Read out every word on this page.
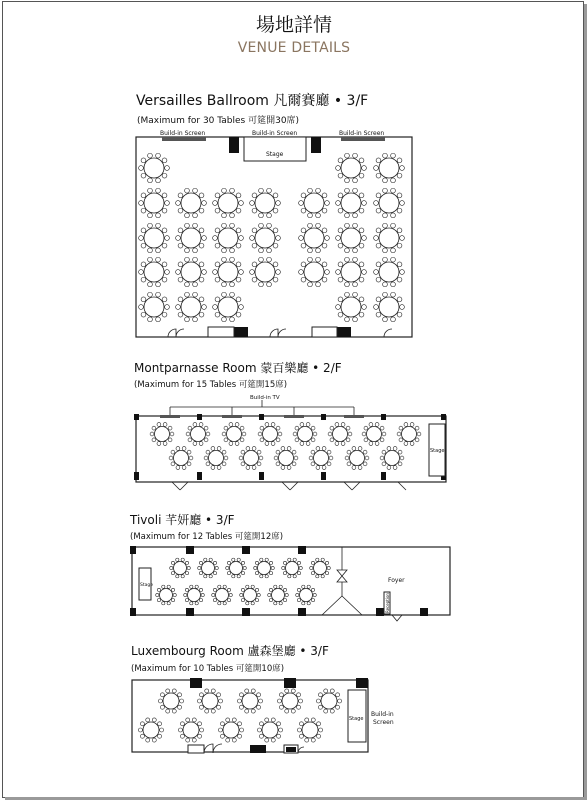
場地詳情
VENUE DETAILS
Versailles Ballroom 凡爾賽廳 • 3/F
(Maximum for 30 Tables 可筵開30席)
Montparnasse Room 蒙百樂廳 • 2/F
(Maximum for 15 Tables 可筵開15席)
Tivoli 芊妍廳 • 3/F
(Maximum for 12 Tables 可筵開12席)
Luxembourg Room 盧森堡廳 • 3/F
(Maximum for 10 Tables 可筵開10席)
Build-in Screen	Build-in Screen	Build-in Screen
Stage
Build-in TV
Stage
Stage
Foyer
Reception
Stage
Build-in
Screen
